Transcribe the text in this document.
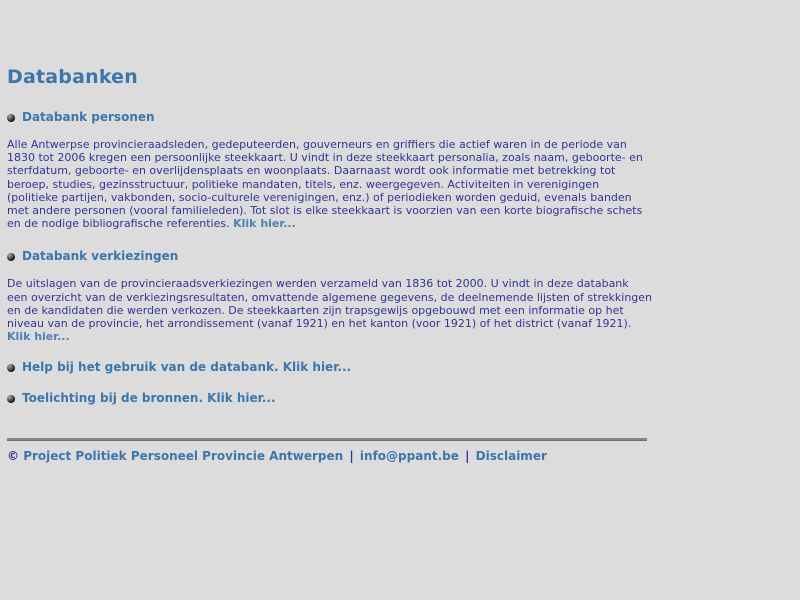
Databanken
Databank personen

Alle Antwerpse provincieraadsleden, gedeputeerden, gouverneurs en griffiers die actief waren in de periode van 1830 tot 2006 kregen een persoonlijke steekkaart. U vindt in deze steekkaart personalia, zoals naam, geboorte- en sterfdatum, geboorte- en overlijdensplaats en woonplaats. Daarnaast wordt ook informatie met betrekking tot beroep, studies, gezinsstructuur, politieke mandaten, titels, enz. weergegeven. Activiteiten in verenigingen (politieke partijen, vakbonden, socio-culturele verenigingen, enz.) of periodieken worden geduid, evenals banden met andere personen (vooral familieleden). Tot slot is elke steekkaart is voorzien van een korte biografische schets en de nodige bibliografische referenties. Klik hier...

Databank verkiezingen

De uitslagen van de provincieraadsverkiezingen werden verzameld van 1836 tot 2000. U vindt in deze databank een overzicht van de verkiezingsresultaten, omvattende algemene gegevens, de deelnemende lijsten of strekkingen en de kandidaten die werden verkozen. De steekkaarten zijn trapsgewijs opgebouwd met een informatie op het niveau van de provincie, het arrondissement (vanaf 1921) en het kanton (voor 1921) of het district (vanaf 1921). Klik hier...

Help bij het gebruik van de databank. Klik hier...
Toelichting bij de bronnen. Klik hier...
© Project Politiek Personeel Provincie Antwerpen | info@ppant.be | Disclaimer
